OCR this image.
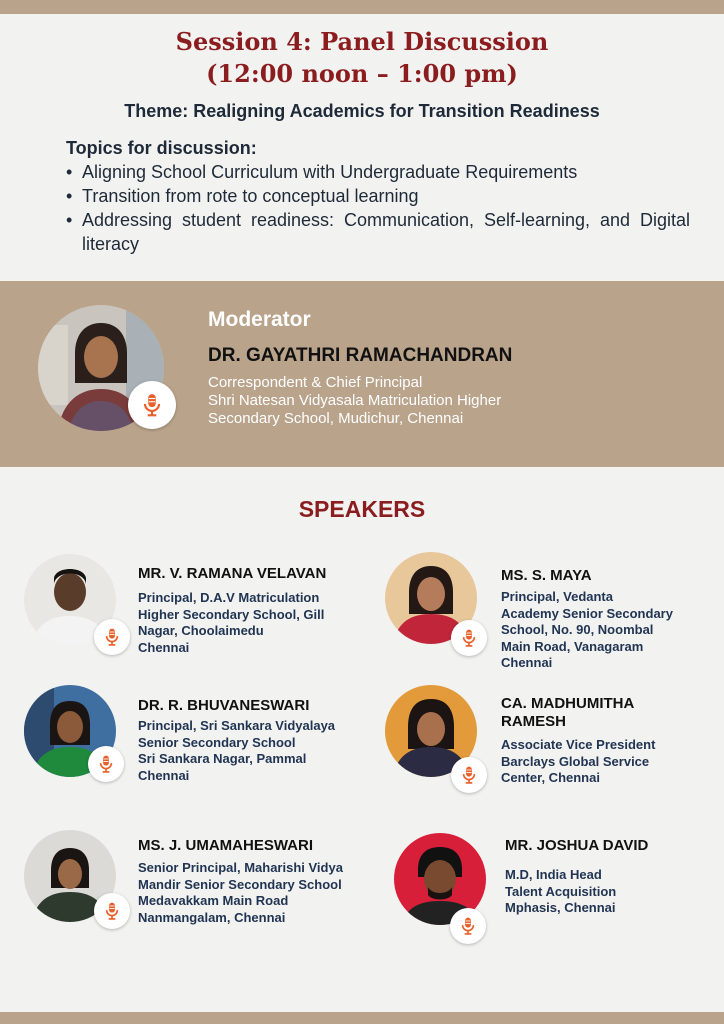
Session 4: Panel Discussion
(12:00 noon – 1:00 pm)
Theme: Realigning Academics for Transition Readiness
Topics for discussion:
• Aligning School Curriculum with Undergraduate Requirements
• Transition from rote to conceptual learning
• Addressing student readiness: Communication, Self-learning, and Digital literacy
Moderator
DR. GAYATHRI RAMACHANDRAN
Correspondent & Chief Principal
Shri Natesan Vidyasala Matriculation Higher
Secondary School, Mudichur, Chennai
SPEAKERS
MR. V. RAMANA VELAVAN
Principal, D.A.V Matriculation
Higher Secondary School, Gill
Nagar, Choolaimedu
Chennai
MS. S. MAYA
Principal, Vedanta
Academy Senior Secondary
School, No. 90, Noombal
Main Road, Vanagaram
Chennai
DR. R. BHUVANESWARI
Principal, Sri Sankara Vidyalaya
Senior Secondary School
Sri Sankara Nagar, Pammal
Chennai
CA. MADHUMITHA
RAMESH
Associate Vice President
Barclays Global Service
Center, Chennai
MS. J. UMAMAHESWARI
Senior Principal, Maharishi Vidya
Mandir Senior Secondary School
Medavakkam Main Road
Nanmangalam, Chennai
MR. JOSHUA DAVID
M.D, India Head
Talent Acquisition
Mphasis, Chennai
